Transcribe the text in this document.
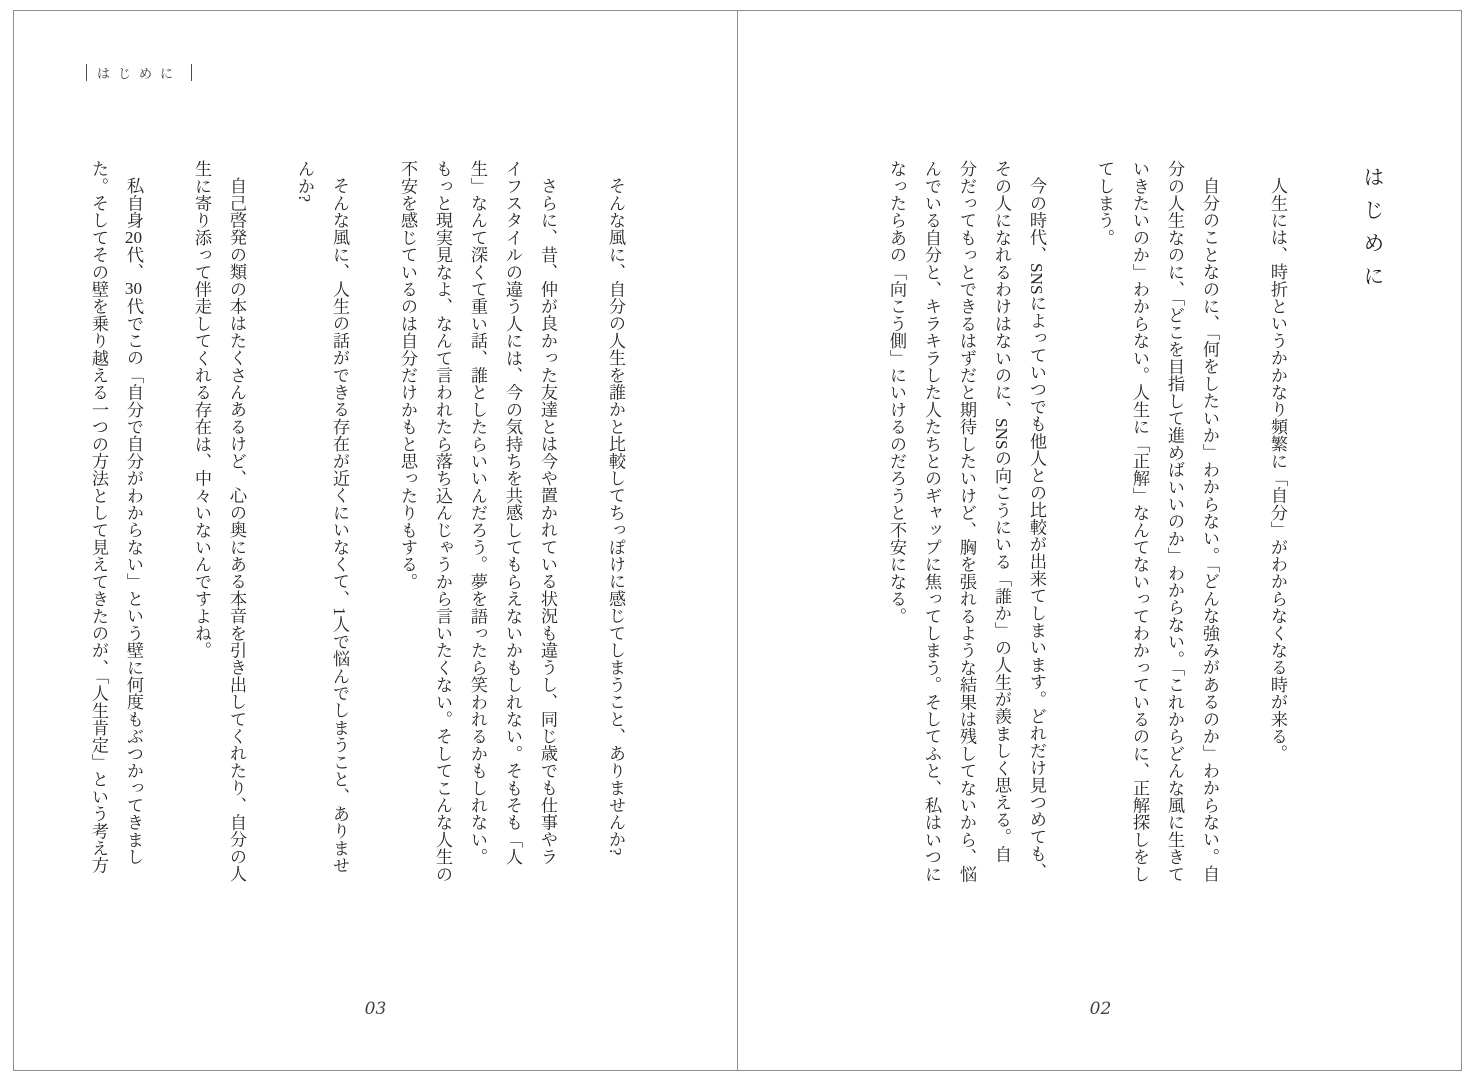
はじめに

そんな風に、自分の人生を誰かと比較してちっぽけに感じてしまうこと、ありませんか?

さらに、昔、仲が良かった友達とは今や置かれている状況も違うし、同じ歳でも仕事やラ
イフスタイルの違う人には、今の気持ちを共感してもらえないかもしれない。そもそも「人
生」なんて深くて重い話、誰としたらいいんだろう。夢を語ったら笑われるかもしれない。
もっと現実見なよ、なんて言われたら落ち込んじゃうから言いたくない。そしてこんな人生の
不安を感じているのは自分だけかもと思ったりもする。

そんな風に、人生の話ができる存在が近くにいなくて、1人で悩んでしまうこと、ありませ
んか?

自己啓発の類の本はたくさんあるけど、心の奥にある本音を引き出してくれたり、自分の人
生に寄り添って伴走してくれる存在は、中々いないんですよね。

私自身20代、30代でこの「自分で自分がわからない」という壁に何度もぶつかってきまし
た。そしてその壁を乗り越える一つの方法として見えてきたのが、「人生肯定」という考え方

03
はじめに

人生には、時折というかかなり頻繁に「自分」がわからなくなる時が来る。

自分のことなのに、「何をしたいか」わからない。「どんな強みがあるのか」わからない。自
分の人生なのに、「どこを目指して進めばいいのか」わからない。「これからどんな風に生きて
いきたいのか」わからない。人生に「正解」なんてないってわかっているのに、正解探しをし
てしまう。

今の時代、SNSによっていつでも他人との比較が出来てしまいます。どれだけ見つめても、
その人になれるわけはないのに、SNSの向こうにいる「誰か」の人生が羨ましく思える。自
分だってもっとできるはずだと期待したいけど、胸を張れるような結果は残してないから、悩
んでいる自分と、キラキラした人たちとのギャップに焦ってしまう。そしてふと、私はいつに
なったらあの「向こう側」にいけるのだろうと不安になる。

02
